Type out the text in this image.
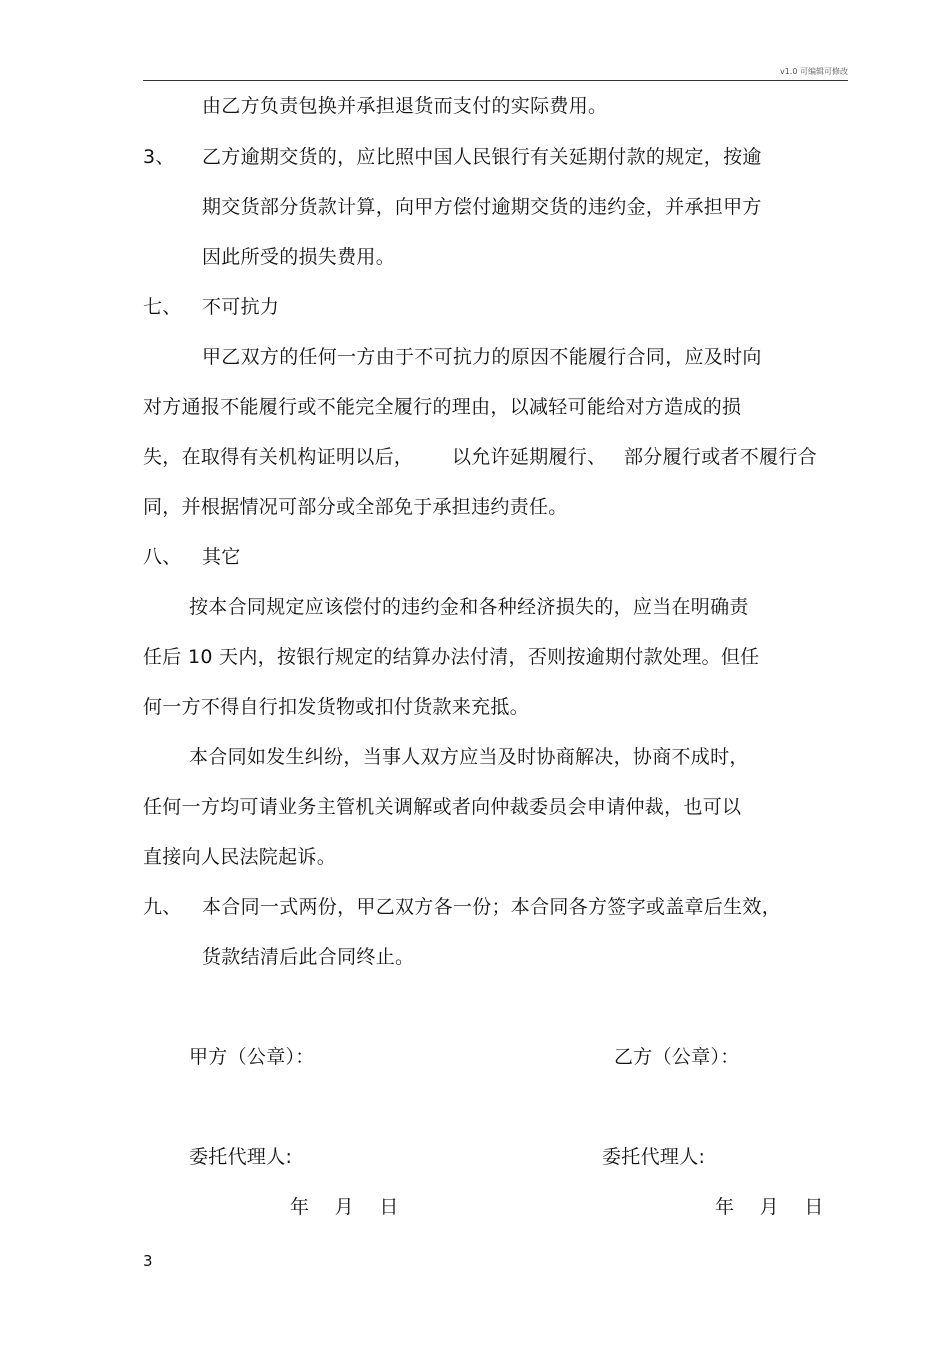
v1.0 可编辑可修改
由乙方负责包换并承担退货而支付的实际费用。
3、 乙方逾期交货的，应比照中国人民银行有关延期付款的规定，按逾
期交货部分货款计算，向甲方偿付逾期交货的违约金，并承担甲方
因此所受的损失费用。
七、 不可抗力
甲乙双方的任何一方由于不可抗力的原因不能履行合同，应及时向
对方通报不能履行或不能完全履行的理由，以减轻可能给对方造成的损
失，在取得有关机构证明以后， 以允许延期履行、 部分履行或者不履行合
同，并根据情况可部分或全部免于承担违约责任。
八、 其它
按本合同规定应该偿付的违约金和各种经济损失的，应当在明确责
任后 10 天内，按银行规定的结算办法付清，否则按逾期付款处理。但任
何一方不得自行扣发货物或扣付货款来充抵。
本合同如发生纠纷，当事人双方应当及时协商解决，协商不成时，
任何一方均可请业务主管机关调解或者向仲裁委员会申请仲裁，也可以
直接向人民法院起诉。
九、 本合同一式两份，甲乙双方各一份；本合同各方签字或盖章后生效，
货款结清后此合同终止。
甲方（公章）：	乙方（公章）：
委托代理人:	委托代理人:
年    月    日	年    月    日
3
